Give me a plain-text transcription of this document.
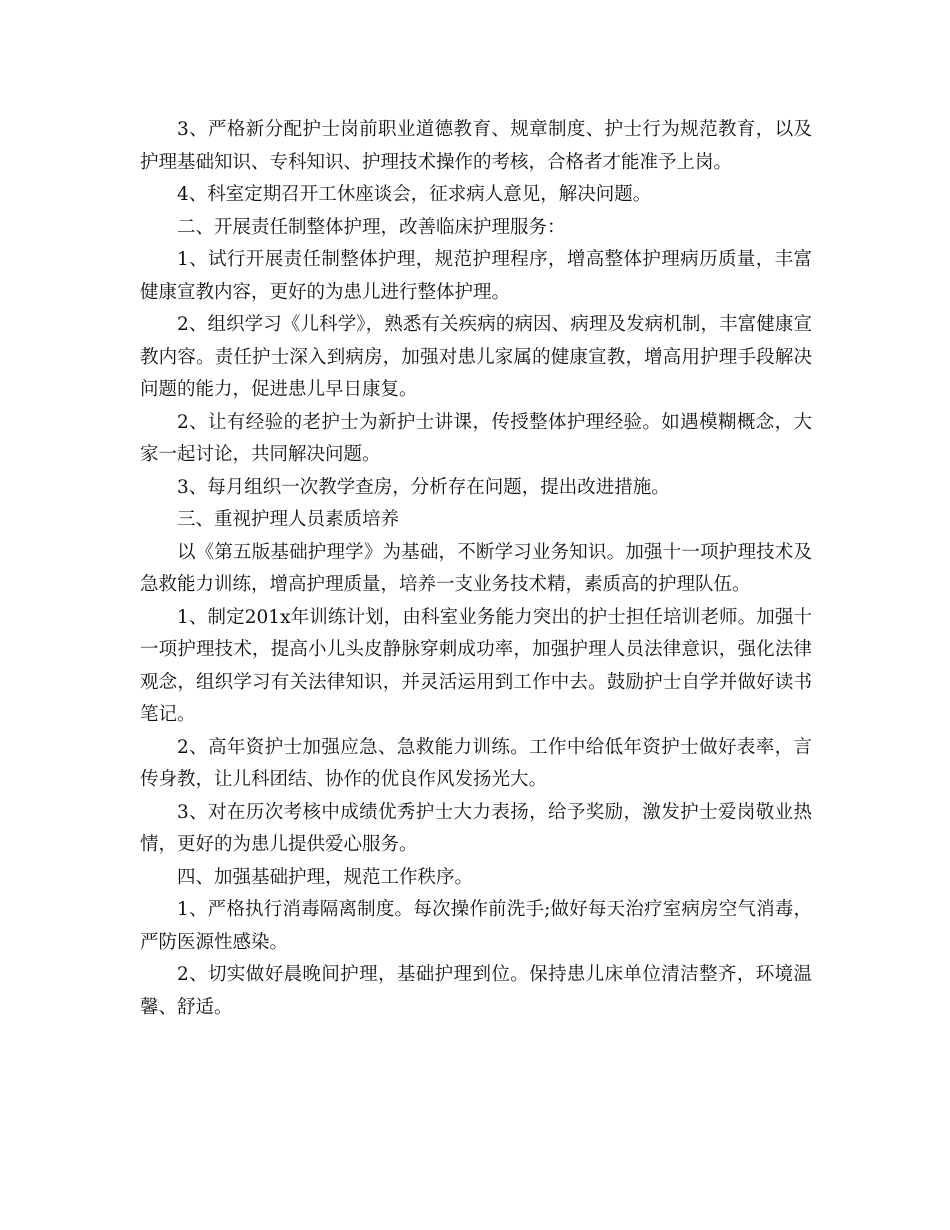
3、严格新分配护士岗前职业道德教育、规章制度、护士行为规范教育，以及护理基础知识、专科知识、护理技术操作的考核，合格者才能准予上岗。

4、科室定期召开工休座谈会，征求病人意见，解决问题。

二、开展责任制整体护理，改善临床护理服务：

1、试行开展责任制整体护理，规范护理程序，增高整体护理病历质量，丰富健康宣教内容，更好的为患儿进行整体护理。

2、组织学习《儿科学》，熟悉有关疾病的病因、病理及发病机制，丰富健康宣教内容。责任护士深入到病房，加强对患儿家属的健康宣教，增高用护理手段解决问题的能力，促进患儿早日康复。

2、让有经验的老护士为新护士讲课，传授整体护理经验。如遇模糊概念，大家一起讨论，共同解决问题。

3、每月组织一次教学查房，分析存在问题，提出改进措施。

三、重视护理人员素质培养

以《第五版基础护理学》为基础，不断学习业务知识。加强十一项护理技术及急救能力训练，增高护理质量，培养一支业务技术精，素质高的护理队伍。

1、制定201x年训练计划，由科室业务能力突出的护士担任培训老师。加强十一项护理技术，提高小儿头皮静脉穿刺成功率，加强护理人员法律意识，强化法律观念，组织学习有关法律知识，并灵活运用到工作中去。鼓励护士自学并做好读书笔记。

2、高年资护士加强应急、急救能力训练。工作中给低年资护士做好表率，言传身教，让儿科团结、协作的优良作风发扬光大。

3、对在历次考核中成绩优秀护士大力表扬，给予奖励，激发护士爱岗敬业热情，更好的为患儿提供爱心服务。

四、加强基础护理，规范工作秩序。

1、严格执行消毒隔离制度。每次操作前洗手;做好每天治疗室病房空气消毒，严防医源性感染。

2、切实做好晨晚间护理，基础护理到位。保持患儿床单位清洁整齐，环境温馨、舒适。
